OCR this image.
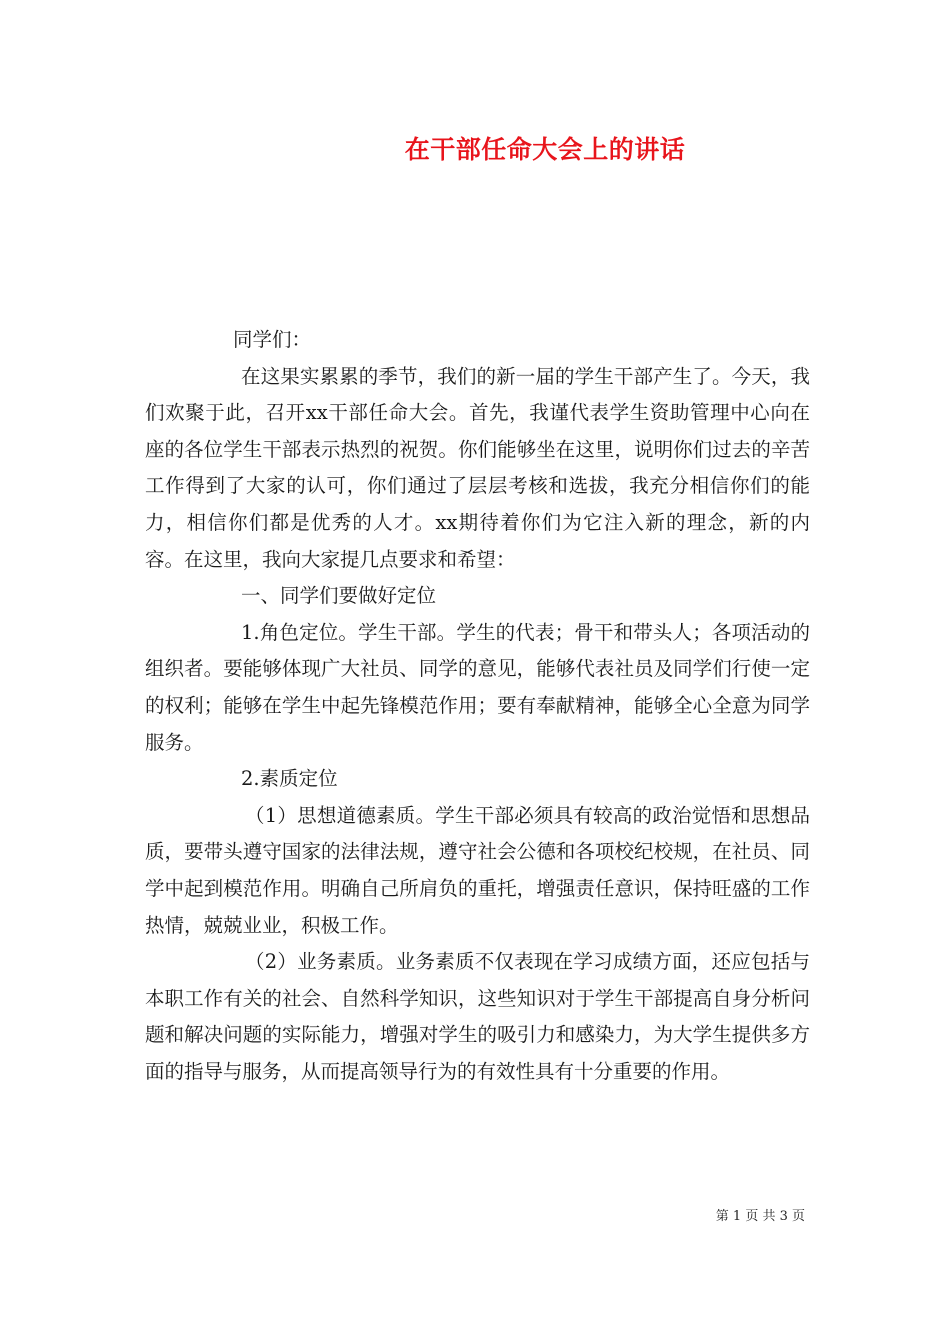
在干部任命大会上的讲话

同学们：

在这果实累累的季节，我们的新一届的学生干部产生了。今天，我们欢聚于此，召开xx干部任命大会。首先，我谨代表学生资助管理中心向在座的各位学生干部表示热烈的祝贺。你们能够坐在这里，说明你们过去的辛苦工作得到了大家的认可，你们通过了层层考核和选拔，我充分相信你们的能力，相信你们都是优秀的人才。xx期待着你们为它注入新的理念，新的内容。在这里，我向大家提几点要求和希望：

一、同学们要做好定位

1.角色定位。学生干部。学生的代表；骨干和带头人；各项活动的组织者。要能够体现广大社员、同学的意见，能够代表社员及同学们行使一定的权利；能够在学生中起先锋模范作用；要有奉献精神，能够全心全意为同学服务。

2.素质定位

（1）思想道德素质。学生干部必须具有较高的政治觉悟和思想品质，要带头遵守国家的法律法规，遵守社会公德和各项校纪校规，在社员、同学中起到模范作用。明确自己所肩负的重托，增强责任意识，保持旺盛的工作热情，兢兢业业，积极工作。

（2）业务素质。业务素质不仅表现在学习成绩方面，还应包括与本职工作有关的社会、自然科学知识，这些知识对于学生干部提高自身分析问题和解决问题的实际能力，增强对学生的吸引力和感染力，为大学生提供多方面的指导与服务，从而提高领导行为的有效性具有十分重要的作用。

第 1 页 共 3 页
